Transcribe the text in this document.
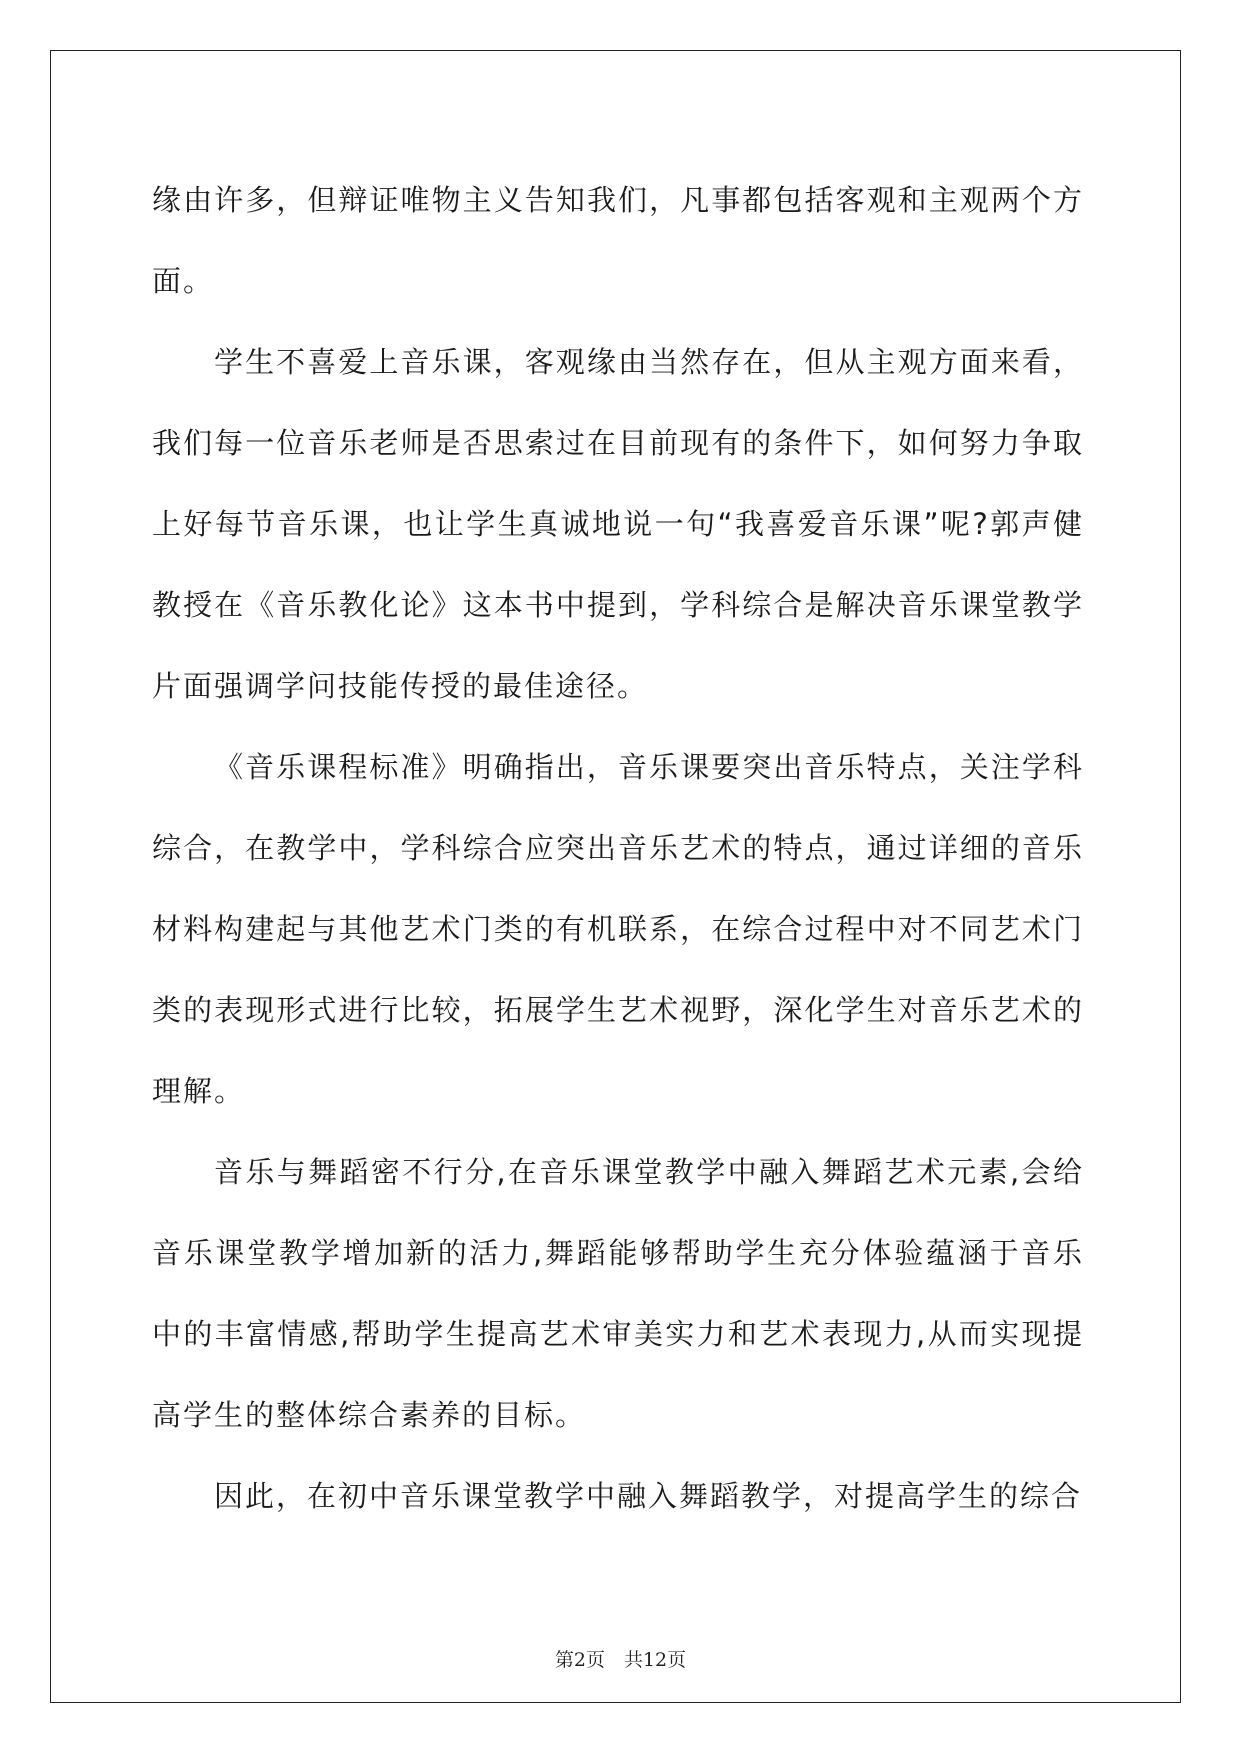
缘由许多，但辩证唯物主义告知我们，凡事都包括客观和主观两个方面。

学生不喜爱上音乐课，客观缘由当然存在，但从主观方面来看，我们每一位音乐老师是否思索过在目前现有的条件下，如何努力争取上好每节音乐课，也让学生真诚地说一句“我喜爱音乐课”呢?郭声健教授在《音乐教化论》这本书中提到，学科综合是解决音乐课堂教学片面强调学问技能传授的最佳途径。

《音乐课程标准》明确指出，音乐课要突出音乐特点，关注学科综合，在教学中，学科综合应突出音乐艺术的特点，通过详细的音乐材料构建起与其他艺术门类的有机联系，在综合过程中对不同艺术门类的表现形式进行比较，拓展学生艺术视野，深化学生对音乐艺术的理解。

音乐与舞蹈密不行分,在音乐课堂教学中融入舞蹈艺术元素,会给音乐课堂教学增加新的活力,舞蹈能够帮助学生充分体验蕴涵于音乐中的丰富情感,帮助学生提高艺术审美实力和艺术表现力,从而实现提高学生的整体综合素养的目标。

因此，在初中音乐课堂教学中融入舞蹈教学，对提高学生的综合

第2页　共12页
